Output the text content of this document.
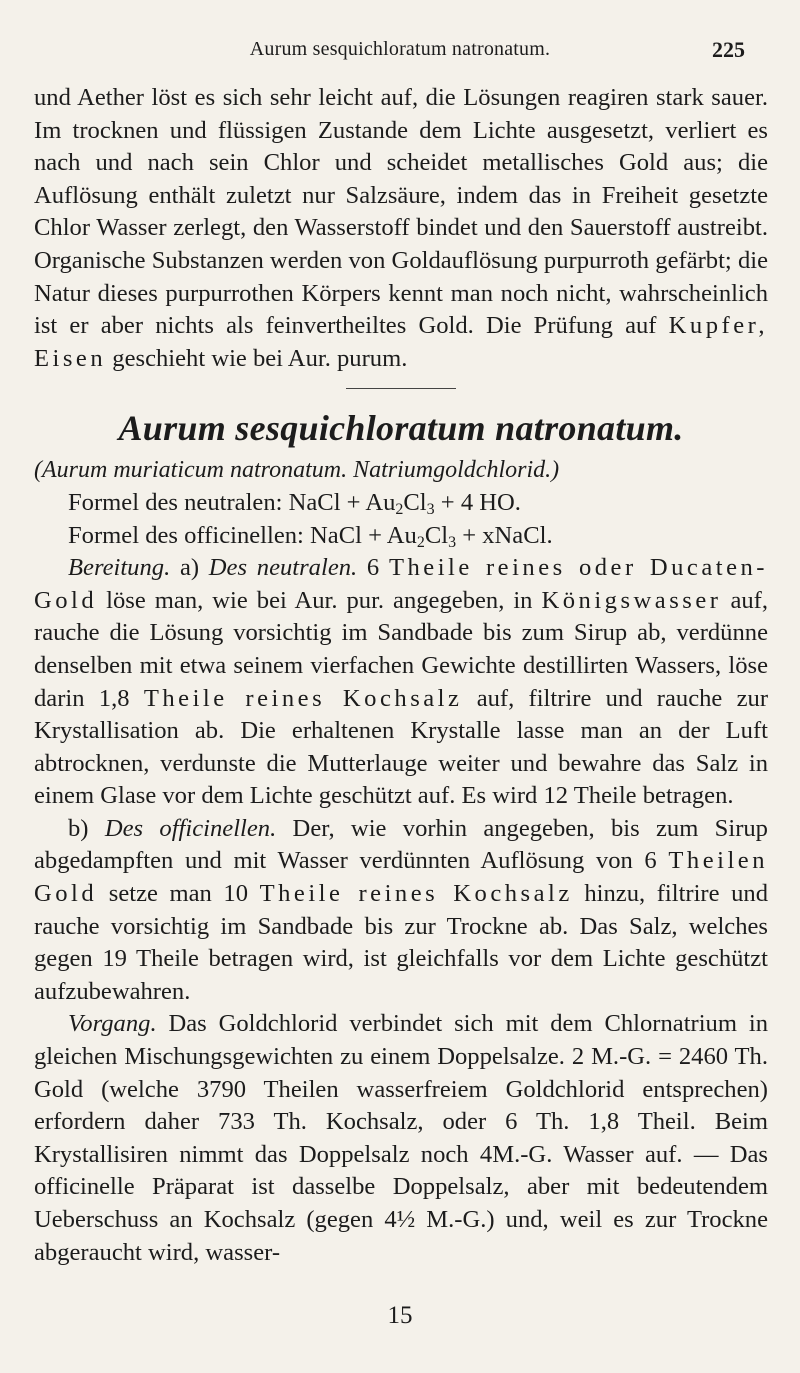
Aurum sesquichloratum natronatum.	225

und Aether löst es sich sehr leicht auf, die Lösungen reagiren stark sauer. Im trocknen und flüssigen Zustande dem Lichte ausgesetzt, verliert es nach und nach sein Chlor und scheidet metallisches Gold aus; die Auflösung enthält zuletzt nur Salzsäure, indem das in Freiheit gesetzte Chlor Wasser zerlegt, den Wasserstoff bindet und den Sauerstoff austreibt. Organische Substanzen werden von Goldauflösung purpurroth gefärbt; die Natur dieses purpurrothen Körpers kennt man noch nicht, wahrscheinlich ist er aber nichts als feinvertheiltes Gold. Die Prüfung auf Kupfer, Eisen geschieht wie bei Aur. purum.

Aurum sesquichloratum natronatum.

(Aurum muriaticum natronatum. Natriumgoldchlorid.)

Formel des neutralen: NaCl + $Au_2Cl_3 + 4$ HO.

Formel des officinellen: NaCl + $Au_2Cl_3$ + xNaCl.

Bereitung. a) Des neutralen. 6 Theile reines oder Ducaten-Gold löse man, wie bei Aur. pur. angegeben, in Königswasser auf, rauche die Lösung vorsichtig im Sandbade bis zum Sirup ab, verdünne denselben mit etwa seinem vierfachen Gewichte destillirten Wassers, löse darin 1,8 Theile reines Kochsalz auf, filtrire und rauche zur Krystallisation ab. Die erhaltenen Krystalle lasse man an der Luft abtrocknen, verdunste die Mutterlauge weiter und bewahre das Salz in einem Glase vor dem Lichte geschützt auf. Es wird 12 Theile betragen.

b) Des officinellen. Der, wie vorhin angegeben, bis zum Sirup abgedampften und mit Wasser verdünnten Auflösung von 6 Theilen Gold setze man 10 Theile reines Kochsalz hinzu, filtrire und rauche vorsichtig im Sandbade bis zur Trockne ab. Das Salz, welches gegen 19 Theile betragen wird, ist gleichfalls vor dem Lichte geschützt aufzubewahren.

Vorgang. Das Goldchlorid verbindet sich mit dem Chlornatrium in gleichen Mischungsgewichten zu einem Doppelsalze. 2 M.-G. = 2460 Th. Gold (welche 3790 Theilen wasserfreiem Goldchlorid entsprechen) erfordern daher 733 Th. Kochsalz, oder 6 Th. 1,8 Theil. Beim Krystallisiren nimmt das Doppelsalz noch 4M.-G. Wasser auf. — Das officinelle Präparat ist dasselbe Doppelsalz, aber mit bedeutendem Ueberschuss an Kochsalz (gegen 4½ M.-G.) und, weil es zur Trockne abgeraucht wird, wasser-

15
